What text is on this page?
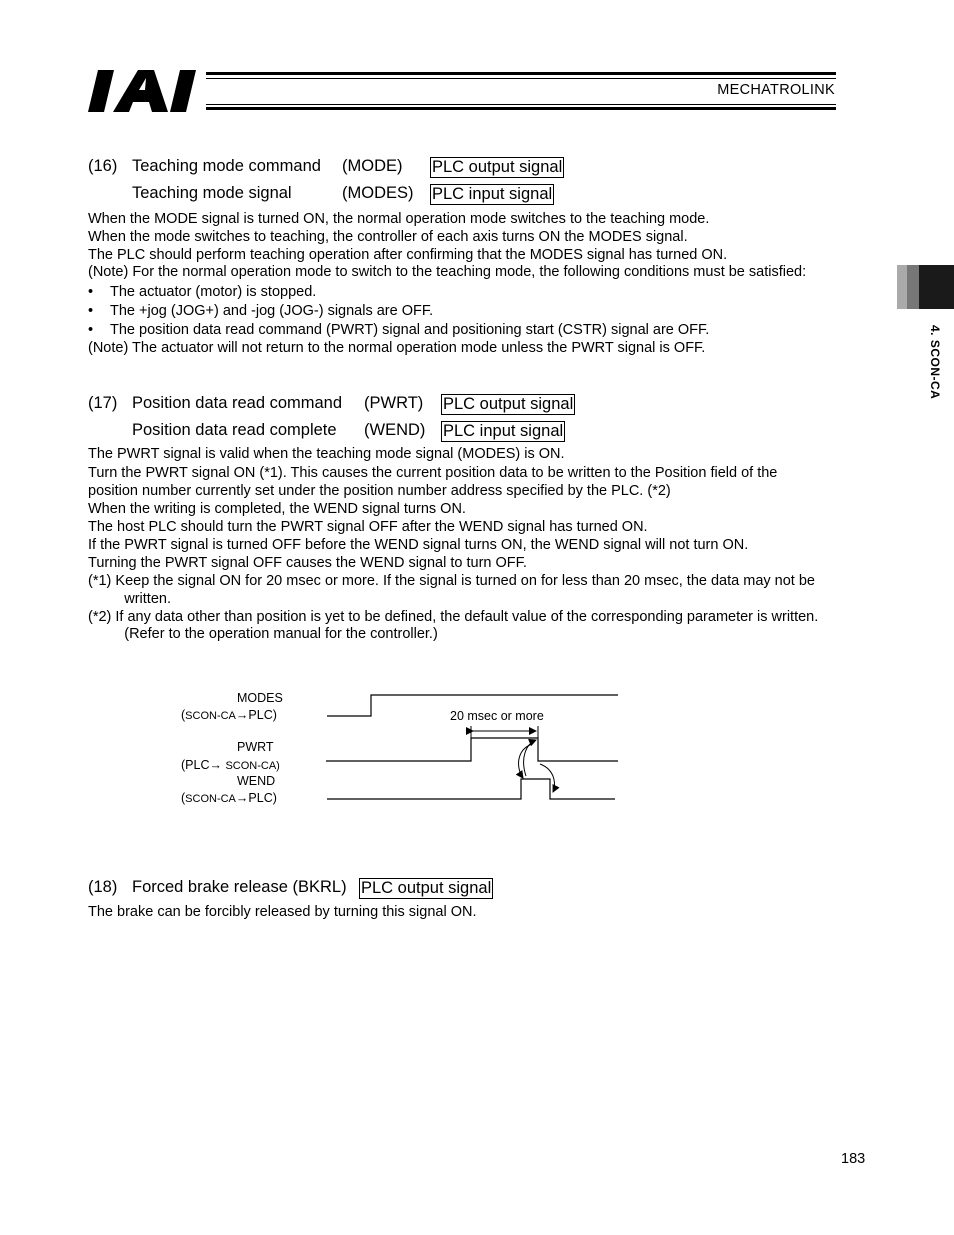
MECHATROLINK
4. SCON-CA
(16) Teaching mode command (MODE) PLC output signal
Teaching mode signal	(MODES) PLC input signal
When the MODE signal is turned ON, the normal operation mode switches to the teaching mode.
When the mode switches to teaching, the controller of each axis turns ON the MODES signal.
The PLC should perform teaching operation after confirming that the MODES signal has turned ON.
(Note) For the normal operation mode to switch to the teaching mode, the following conditions must be satisfied:
• The actuator (motor) is stopped.
• The +jog (JOG+) and -jog (JOG-) signals are OFF.
• The position data read command (PWRT) signal and positioning start (CSTR) signal are OFF.
(Note) The actuator will not return to the normal operation mode unless the PWRT signal is OFF.
(17) Position data read command (PWRT) PLC output signal
Position data read complete (WEND) PLC input signal
The PWRT signal is valid when the teaching mode signal (MODES) is ON.
Turn the PWRT signal ON (*1). This causes the current position data to be written to the Position field of the
position number currently set under the position number address specified by the PLC. (*2)
When the writing is completed, the WEND signal turns ON.
The host PLC should turn the PWRT signal OFF after the WEND signal has turned ON.
If the PWRT signal is turned OFF before the WEND signal turns ON, the WEND signal will not turn ON.
Turning the PWRT signal OFF causes the WEND signal to turn OFF.
(*1) Keep the signal ON for 20 msec or more. If the signal is turned on for less than 20 msec, the data may not be
written.
(*2) If any data other than position is yet to be defined, the default value of the corresponding parameter is written.
(Refer to the operation manual for the controller.)
MODES
(SCON-CA→PLC)
PWRT
(PLC→ SCON-CA)
WEND
(SCON-CA→PLC)
20 msec or more
(18) Forced brake release (BKRL) PLC output signal
The brake can be forcibly released by turning this signal ON.
183
